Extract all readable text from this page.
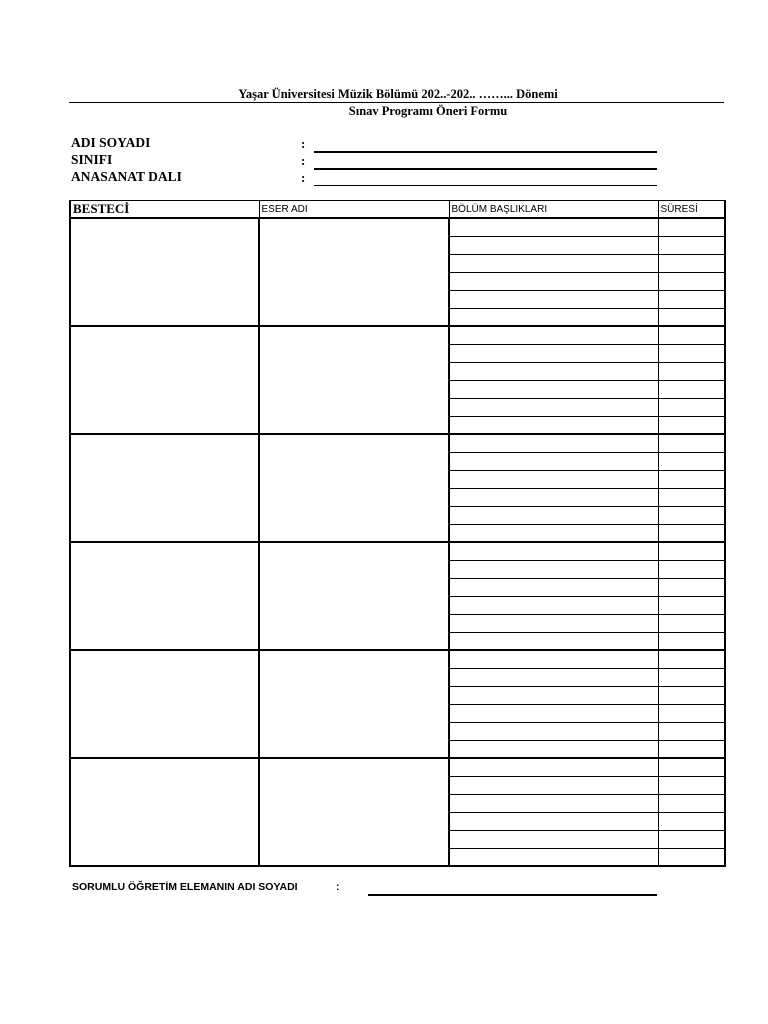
Yaşar Üniversitesi Müzik Bölümü 202..-202.. ……... Dönemi
Sınav Programı Öneri Formu
ADI SOYADI	:
SINIFI	:
ANASANAT DALI	:
BESTECİ	ESER ADI	BÖLÜM BAŞLIKLARI	SÜRESİ

SORUMLU ÖĞRETİM ELEMANIN ADI SOYADI	:
